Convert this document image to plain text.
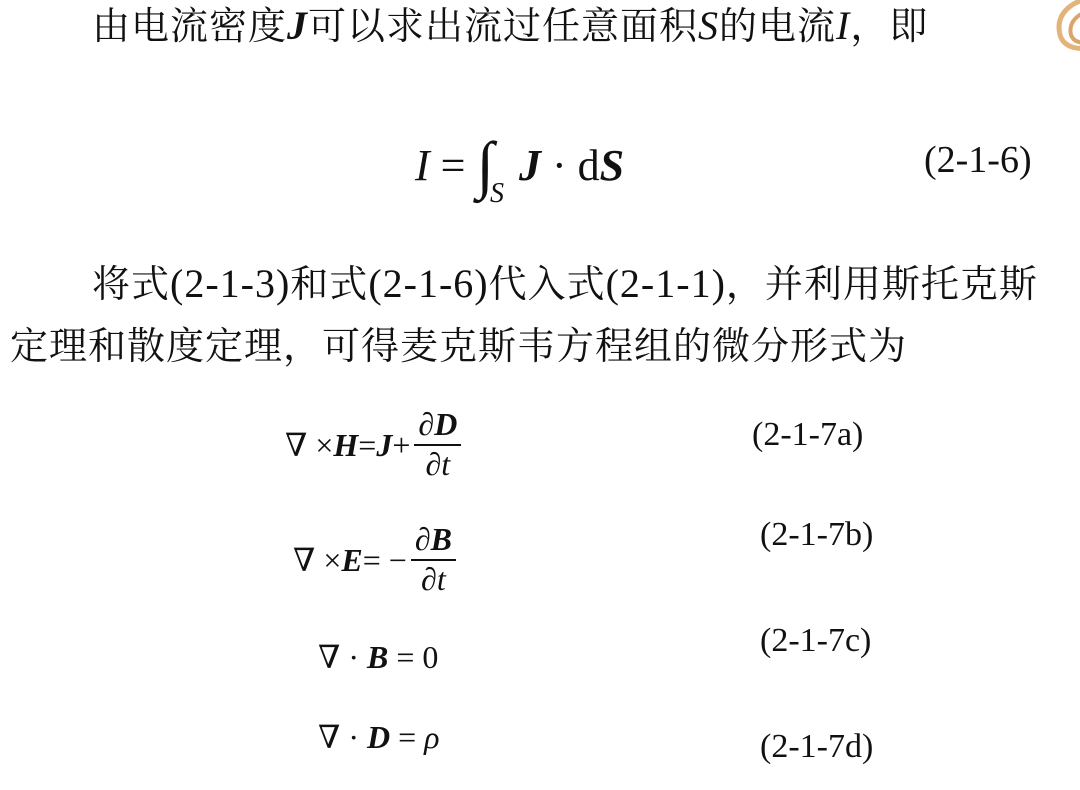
由电流密度J可以求出流过任意面积S的电流I，即
I = ∫S J · dS	(2-1-6)
将式(2-1-3)和式(2-1-6)代入式(2-1-1)，并利用斯托克斯
定理和散度定理，可得麦克斯韦方程组的微分形式为
∇ × $H = J + \frac{\partial D}{\partial t}$	(2-1-7a)
∇ × E = − $\frac{\partial B}{\partial t}$	(2-1-7b)
∇ · B = 0	(2-1-7c)
∇ · D = ρ	(2-1-7d)
